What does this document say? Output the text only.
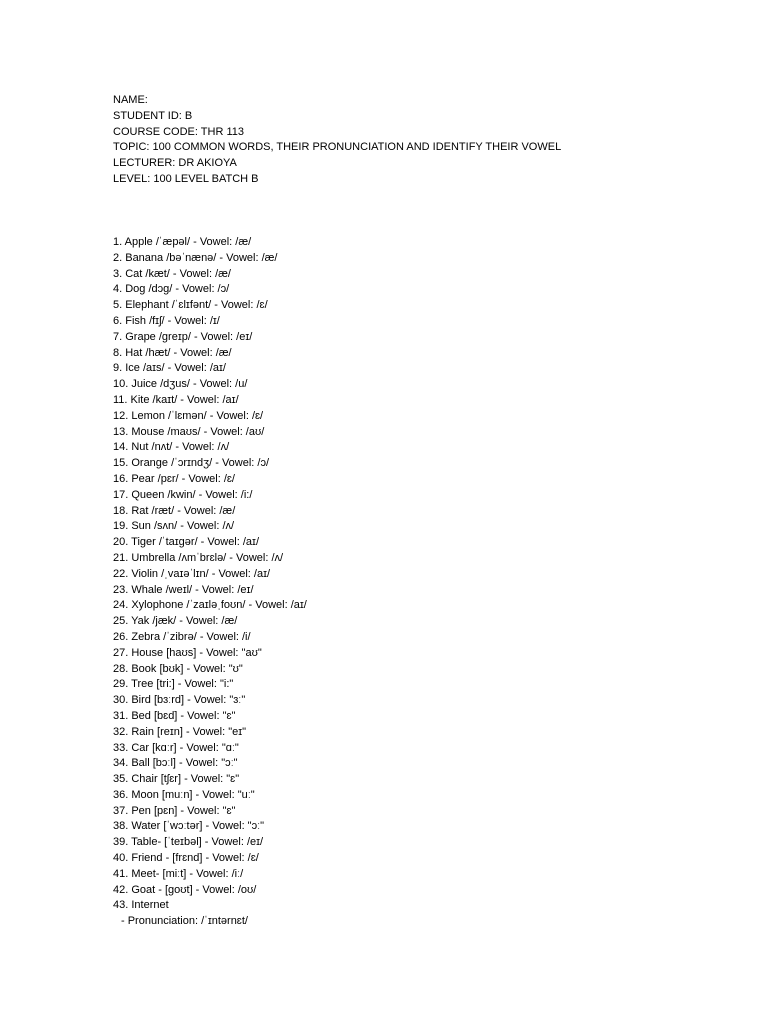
NAME:
STUDENT ID: B
COURSE CODE: THR 113
TOPIC: 100 COMMON WORDS, THEIR PRONUNCIATION AND IDENTIFY THEIR VOWEL
LECTURER: DR AKIOYA
LEVEL: 100 LEVEL BATCH B
1. Apple /ˈæpəl/ - Vowel: /æ/
2. Banana /bəˈnænə/ - Vowel: /æ/
3. Cat /kæt/ - Vowel: /æ/
4. Dog /dɔg/ - Vowel: /ɔ/
5. Elephant /ˈɛlɪfənt/ - Vowel: /ɛ/
6. Fish /fɪʃ/ - Vowel: /ɪ/
7. Grape /greɪp/ - Vowel: /eɪ/
8. Hat /hæt/ - Vowel: /æ/
9. Ice /aɪs/ - Vowel: /aɪ/
10. Juice /dʒus/ - Vowel: /u/
11. Kite /kaɪt/ - Vowel: /aɪ/
12. Lemon /ˈlɛmən/ - Vowel: /ɛ/
13. Mouse /maʊs/ - Vowel: /aʊ/
14. Nut /nʌt/ - Vowel: /ʌ/
15. Orange /ˈɔrɪndʒ/ - Vowel: /ɔ/
16. Pear /pɛr/ - Vowel: /ɛ/
17. Queen /kwin/ - Vowel: /i:/
18. Rat /ræt/ - Vowel: /æ/
19. Sun /sʌn/ - Vowel: /ʌ/
20. Tiger /ˈtaɪgər/ - Vowel: /aɪ/
21. Umbrella /ʌmˈbrɛlə/ - Vowel: /ʌ/
22. Violin /ˌvaɪəˈlɪn/ - Vowel: /aɪ/
23. Whale /weɪl/ - Vowel: /eɪ/
24. Xylophone /ˈzaɪləˌfoʊn/ - Vowel: /aɪ/
25. Yak /jæk/ - Vowel: /æ/
26. Zebra /ˈzibrə/ - Vowel: /i/
27. House [haʊs] - Vowel: "aʊ"
28. Book [bʊk] - Vowel: "ʊ"
29. Tree [tri:] - Vowel: "i:"
30. Bird [bɜːrd] - Vowel: "ɜː"
31. Bed [bɛd] - Vowel: "ɛ"
32. Rain [reɪn] - Vowel: "eɪ"
33. Car [kɑːr] - Vowel: "ɑː"
34. Ball [bɔːl] - Vowel: "ɔː"
35. Chair [tʃɛr] - Vowel: "ɛ"
36. Moon [muːn] - Vowel: "uː"
37. Pen [pɛn] - Vowel: "ɛ"
38. Water [ˈwɔːtər] - Vowel: "ɔː"
39. Table- [ˈteɪbəl] - Vowel: /eɪ/
40. Friend - [frɛnd] - Vowel: /ɛ/
41. Meet- [miːt] - Vowel: /iː/
42. Goat - [goʊt] - Vowel: /oʊ/
43. Internet
- Pronunciation: /ˈɪntərnɛt/
